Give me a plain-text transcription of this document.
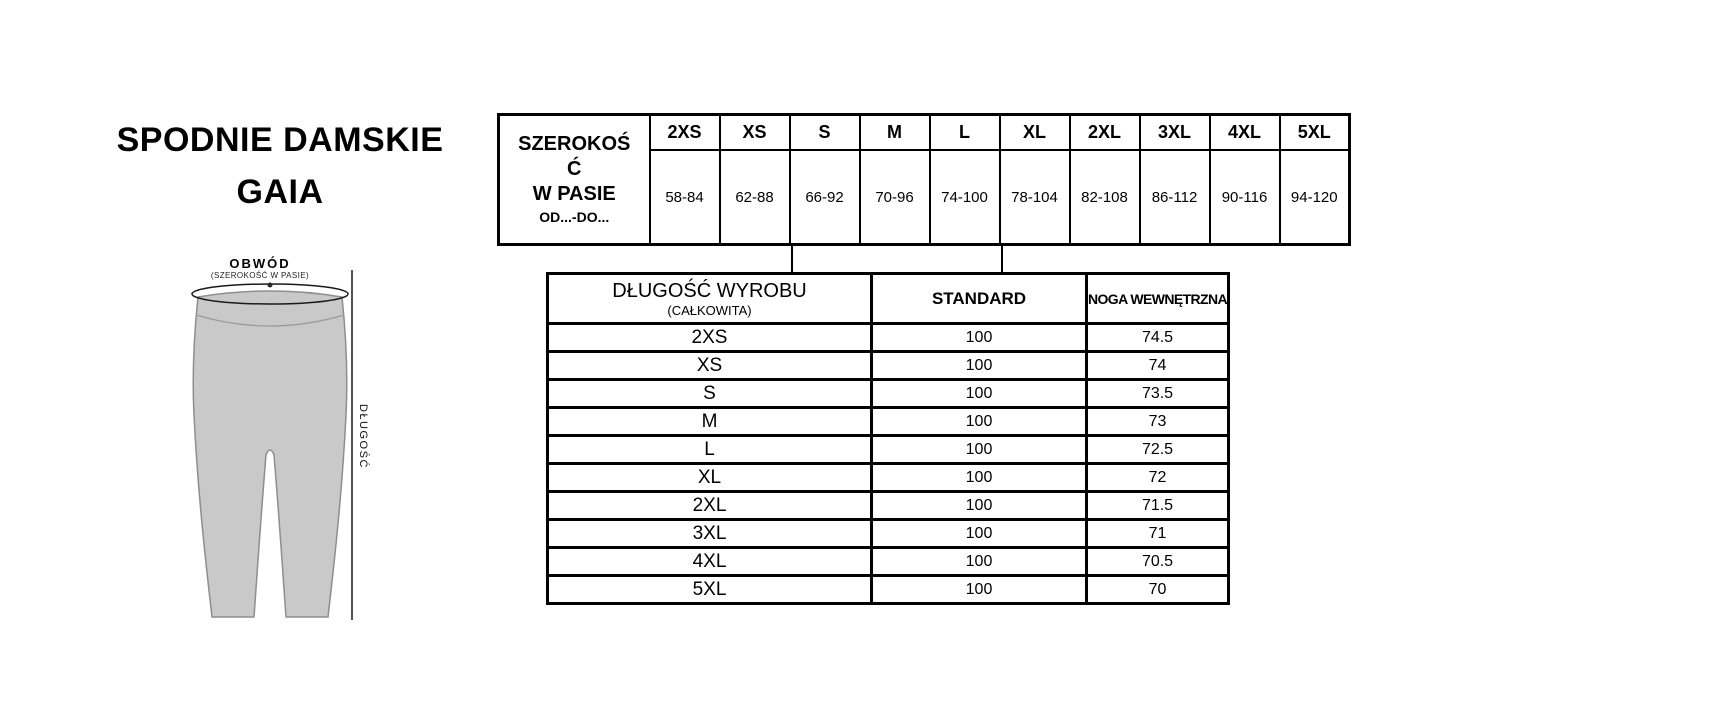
SPODNIE DAMSKIE
GAIA
OBWÓD
(SZEROKOŚĆ W PASIE)
DŁUGOŚĆ
SZEROKOŚ
Ć
W PASIE
OD...-DO...	2XS	XS	S	M	L	XL	2XL	3XL	4XL	5XL
	58-84	62-88	66-92	70-96	74-100	78-104	82-108	86-112	90-116	94-120
DŁUGOŚĆ WYROBU
(CAŁKOWITA)	STANDARD	NOGA WEWNĘTRZNA
2XS	100	74.5
XS	100	74
S	100	73.5
M	100	73
L	100	72.5
XL	100	72
2XL	100	71.5
3XL	100	71
4XL	100	70.5
5XL	100	70
